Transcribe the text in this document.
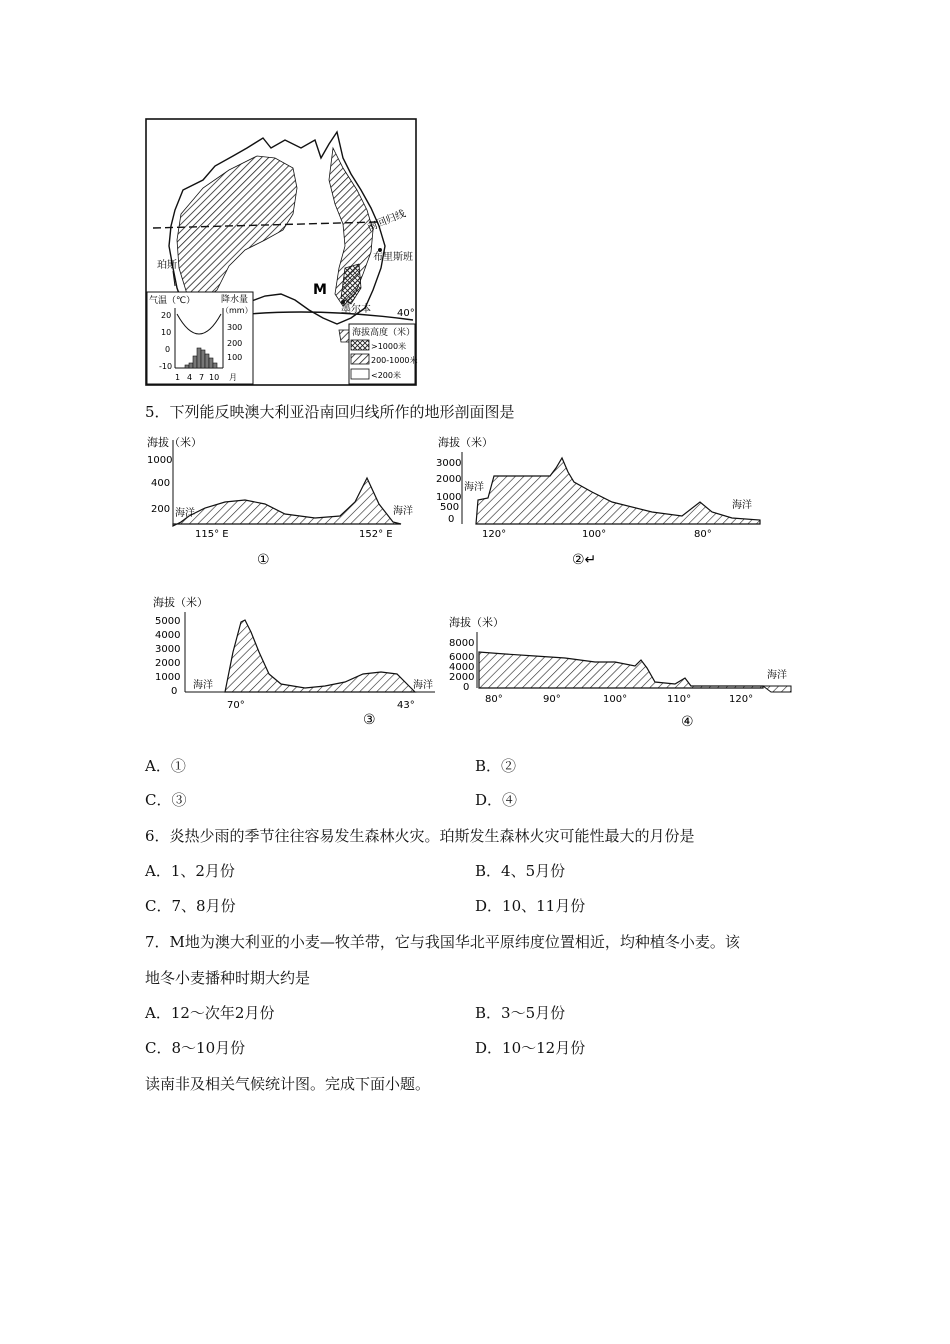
南回归线
珀斯
布里斯班
墨尔本
M
40°
气温（℃）	降水量
（mm）
20
10
0
-10
300
200
100
1 4 7 10 月
海拔高度（米）
>1000米
200-1000米
<200米
5．下列能反映澳大利亚沿南回归线所作的地形剖面图是
海拔（米）
1000
400
200 海洋	海洋
115° E	152° E
①
海拔（米）
3000
2000
1000
500
0
海洋
海洋
120°	100°	80°
②↵
海拔（米）
5000
4000
3000
2000
1000
0
海洋	海洋
70°	43°
③
海拔（米）
8000
6000
4000
2000
0
海洋
80°	90°	100°	110°	120°
④
A．①	B．②
C．③	D．④
6．炎热少雨的季节往往容易发生森林火灾。珀斯发生森林火灾可能性最大的月份是
A．1、2月份	B．4、5月份
C．7、8月份	D．10、11月份
7．M地为澳大利亚的小麦—牧羊带，它与我国华北平原纬度位置相近，均种植冬小麦。该
地冬小麦播种时期大约是
A．12～次年2月份	B．3～5月份
C．8～10月份	D．10～12月份
读南非及相关气候统计图。完成下面小题。
